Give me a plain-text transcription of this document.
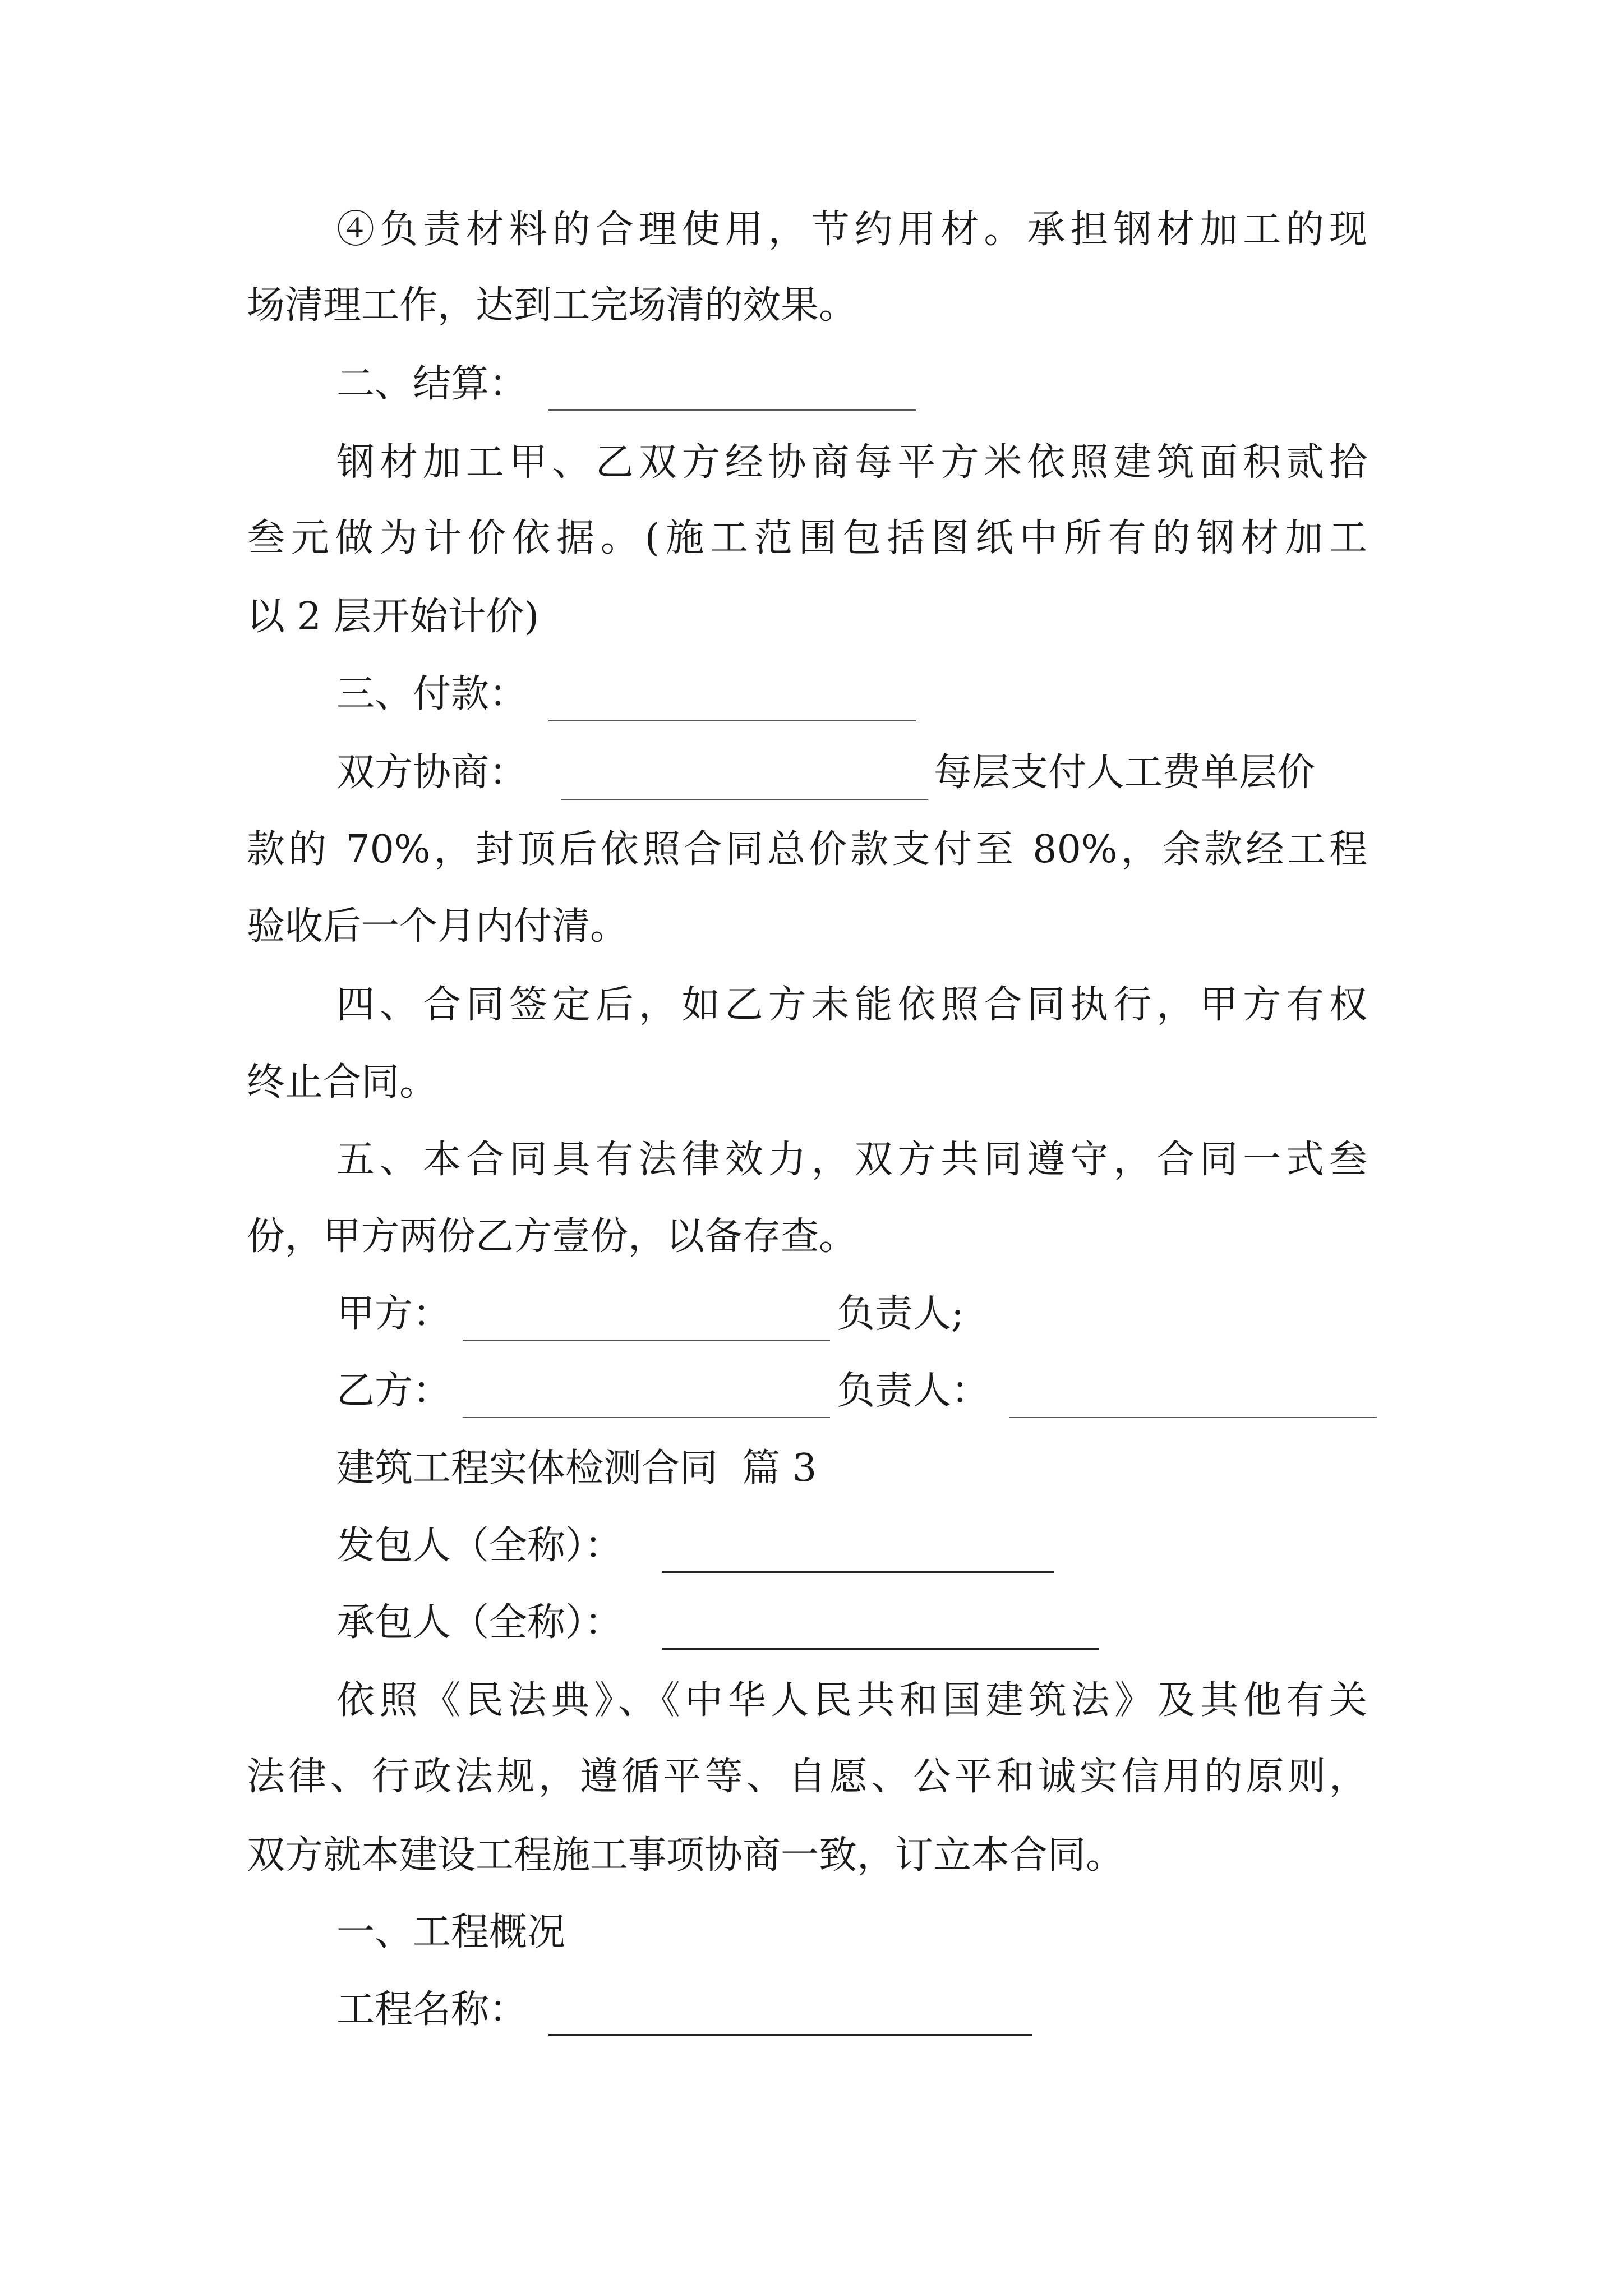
④负责材料的合理使用，节约用材。承担钢材加工的现
场清理工作，达到工完场清的效果。
二、结算：
钢材加工甲、乙双方经协商每平方米依照建筑面积贰拾
叁元做为计价依据。(施工范围包括图纸中所有的钢材加工
以 2 层开始计价)
三、付款：
双方协商：	每层支付人工费单层价
款的 70%，封顶后依照合同总价款支付至 80%，余款经工程
验收后一个月内付清。
四、合同签定后，如乙方未能依照合同执行，甲方有权
终止合同。
五、本合同具有法律效力，双方共同遵守，合同一式叁
份，甲方两份乙方壹份，以备存查。
甲方：	负责人;
乙方：	负责人：
建筑工程实体检测合同  篇 3
发包人（全称）：
承包人（全称）：
依照《民法典》、《中华人民共和国建筑法》及其他有关
法律、行政法规，遵循平等、自愿、公平和诚实信用的原则，
双方就本建设工程施工事项协商一致，订立本合同。
一、工程概况
工程名称：
